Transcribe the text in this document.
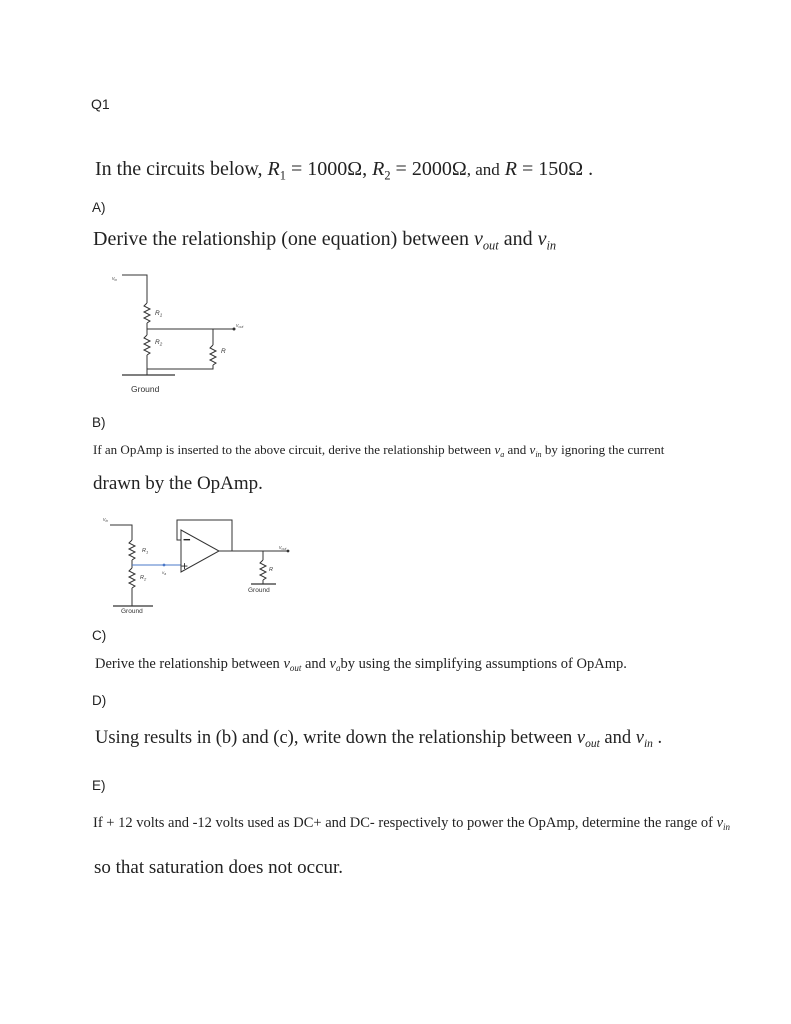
Q1
In the circuits below, $R_1 = 1000\Omega$, $R_2 = 2000\Omega$, and R = 150Ω .
A)
Derive the relationship (one equation) between $v_{out}$ and $v_{in}$
$v_{in}$
$R_1$
$R_2$
$v_{out}$
R
Ground
B)
If an OpAmp is inserted to the above circuit, derive the relationship between $v_a$ and $v_{in}$ by ignoring the current
drawn by the OpAmp.
−
+
$v_{in}$
$R_1$
$R_2$
$v_a$
$v_{out}$
R
Ground
Ground
C)
Derive the relationship between $v_{out}$ and $v_aby$ using the simplifying assumptions of OpAmp.
D)
Using results in (b) and (c), write down the relationship between $v_{out}$ and $v_{in}$ .
E)
If + 12 volts and -12 volts used as DC+ and DC- respectively to power the OpAmp, determine the range of $v_{in}$
so that saturation does not occur.
